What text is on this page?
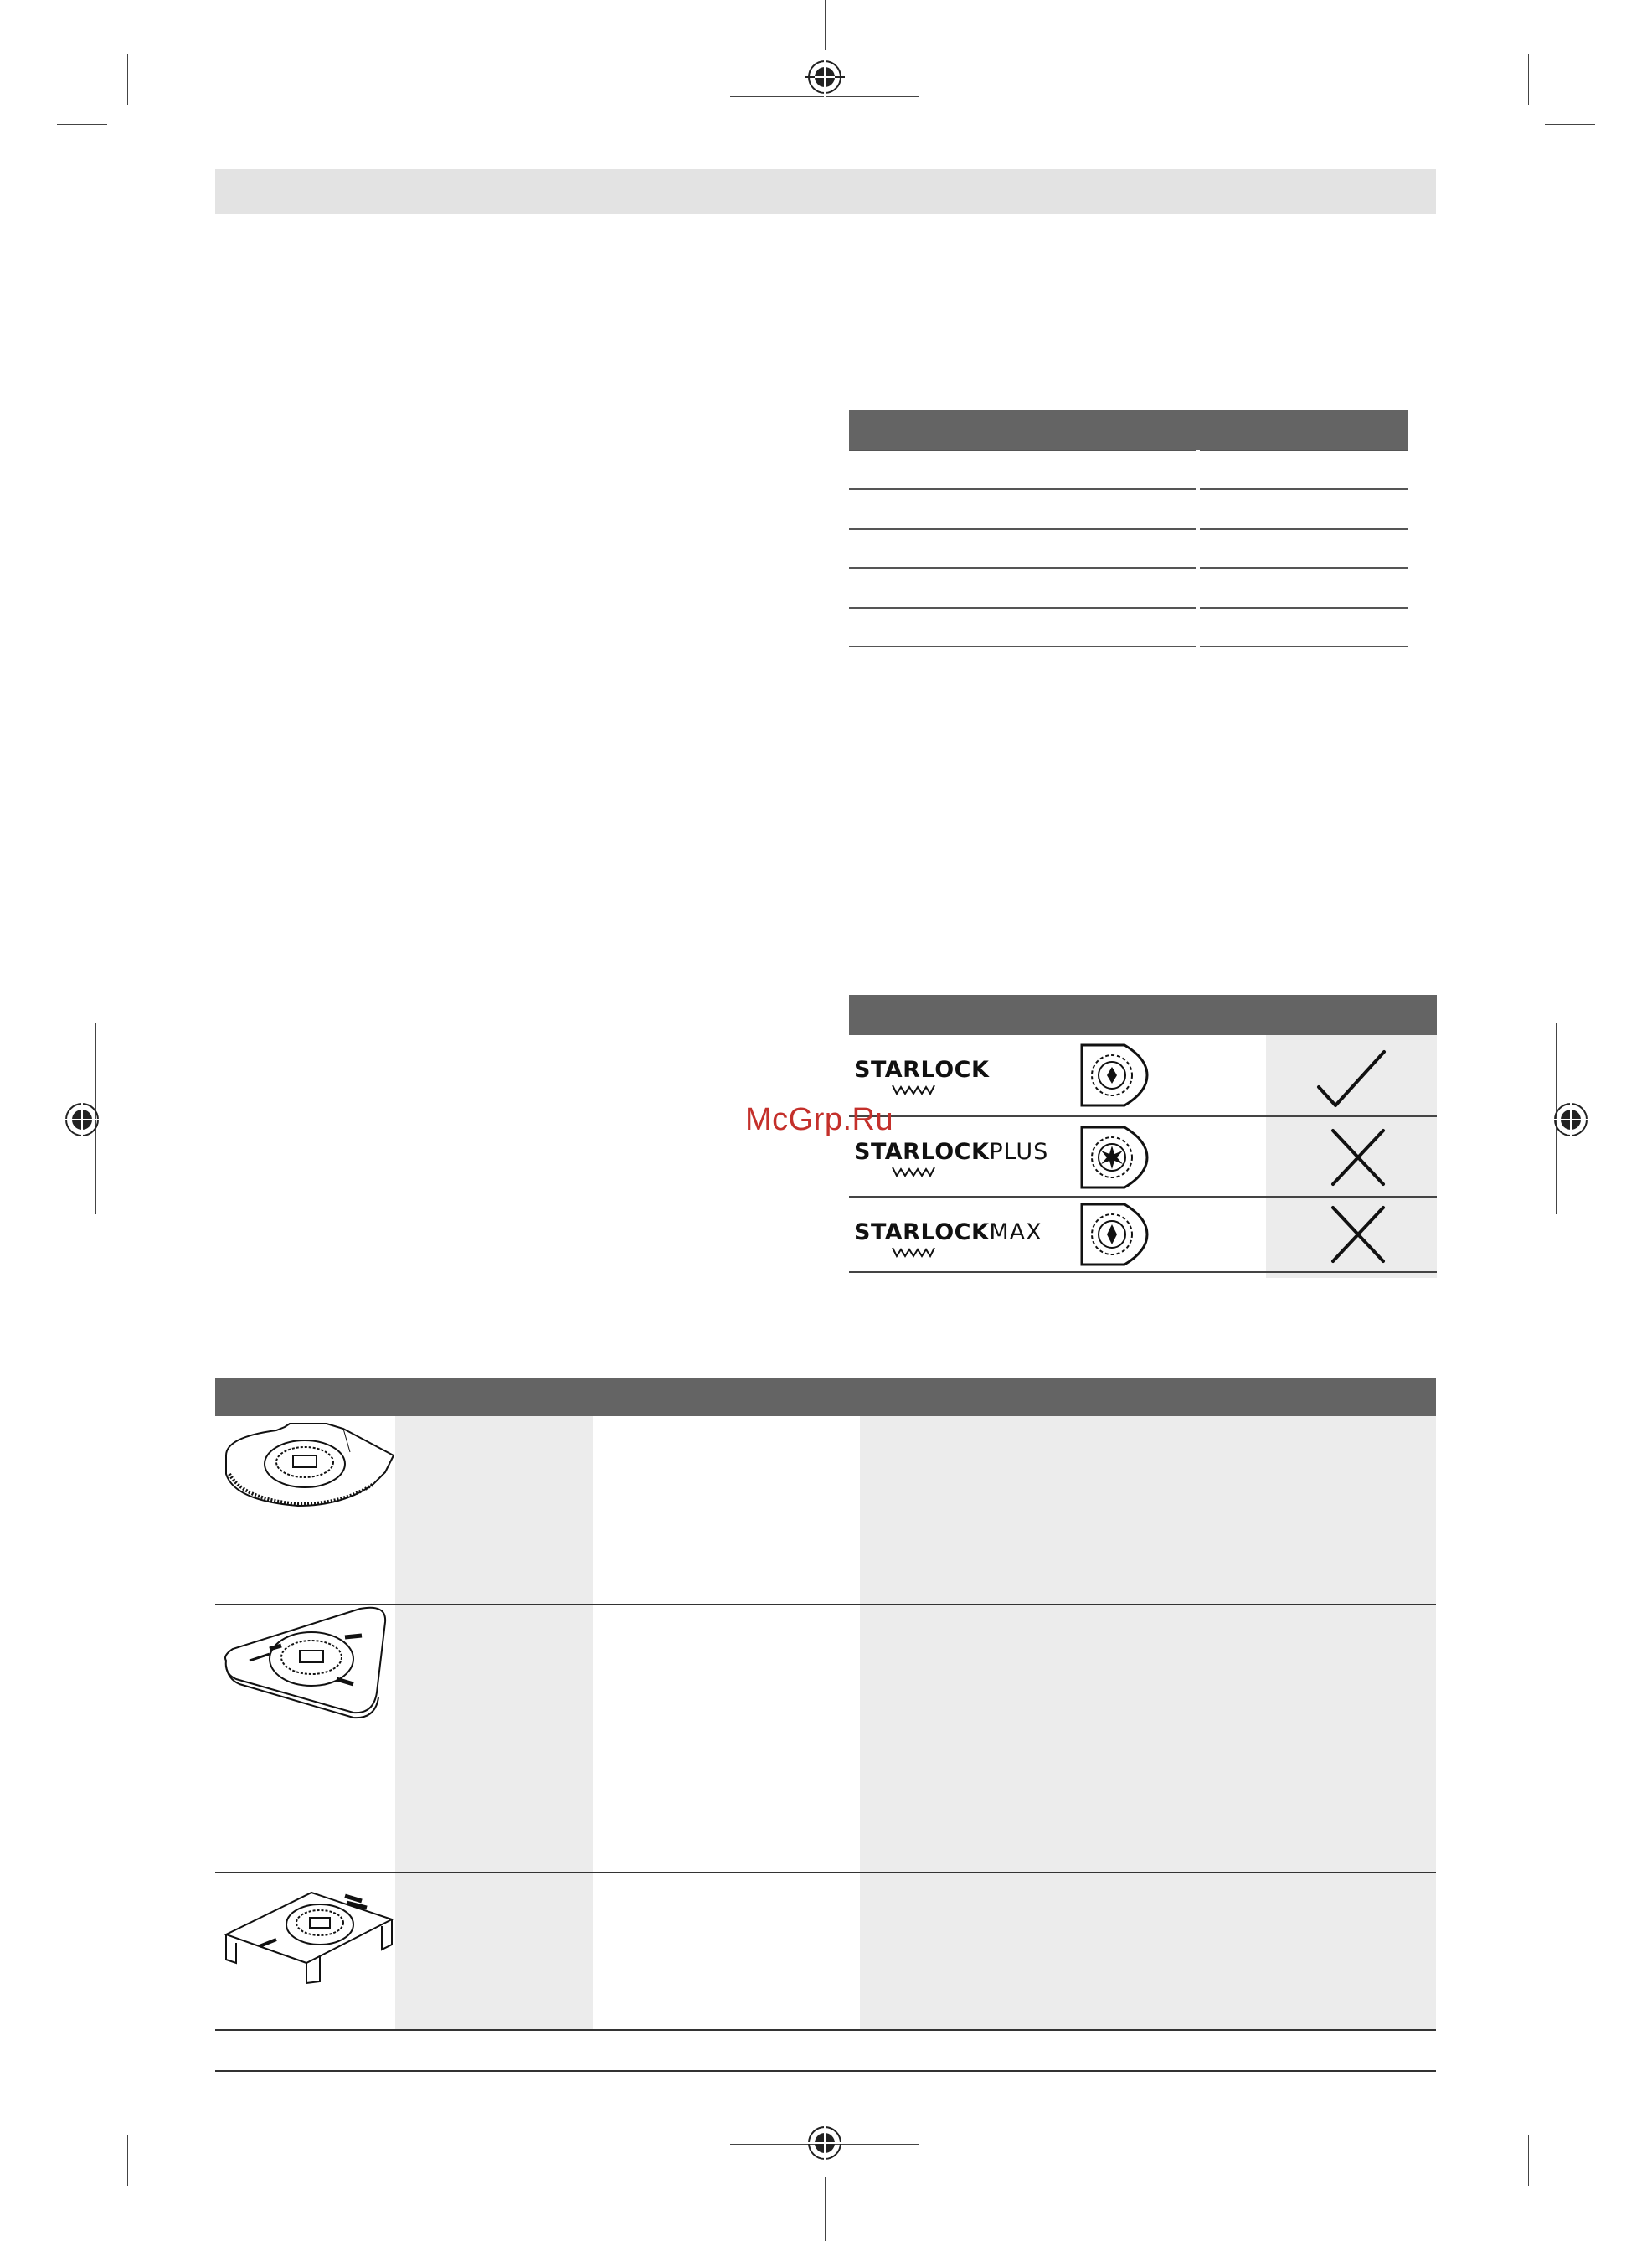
STARLOCK
STARLOCKPLUS
STARLOCKMAX
McGrp.Ru
